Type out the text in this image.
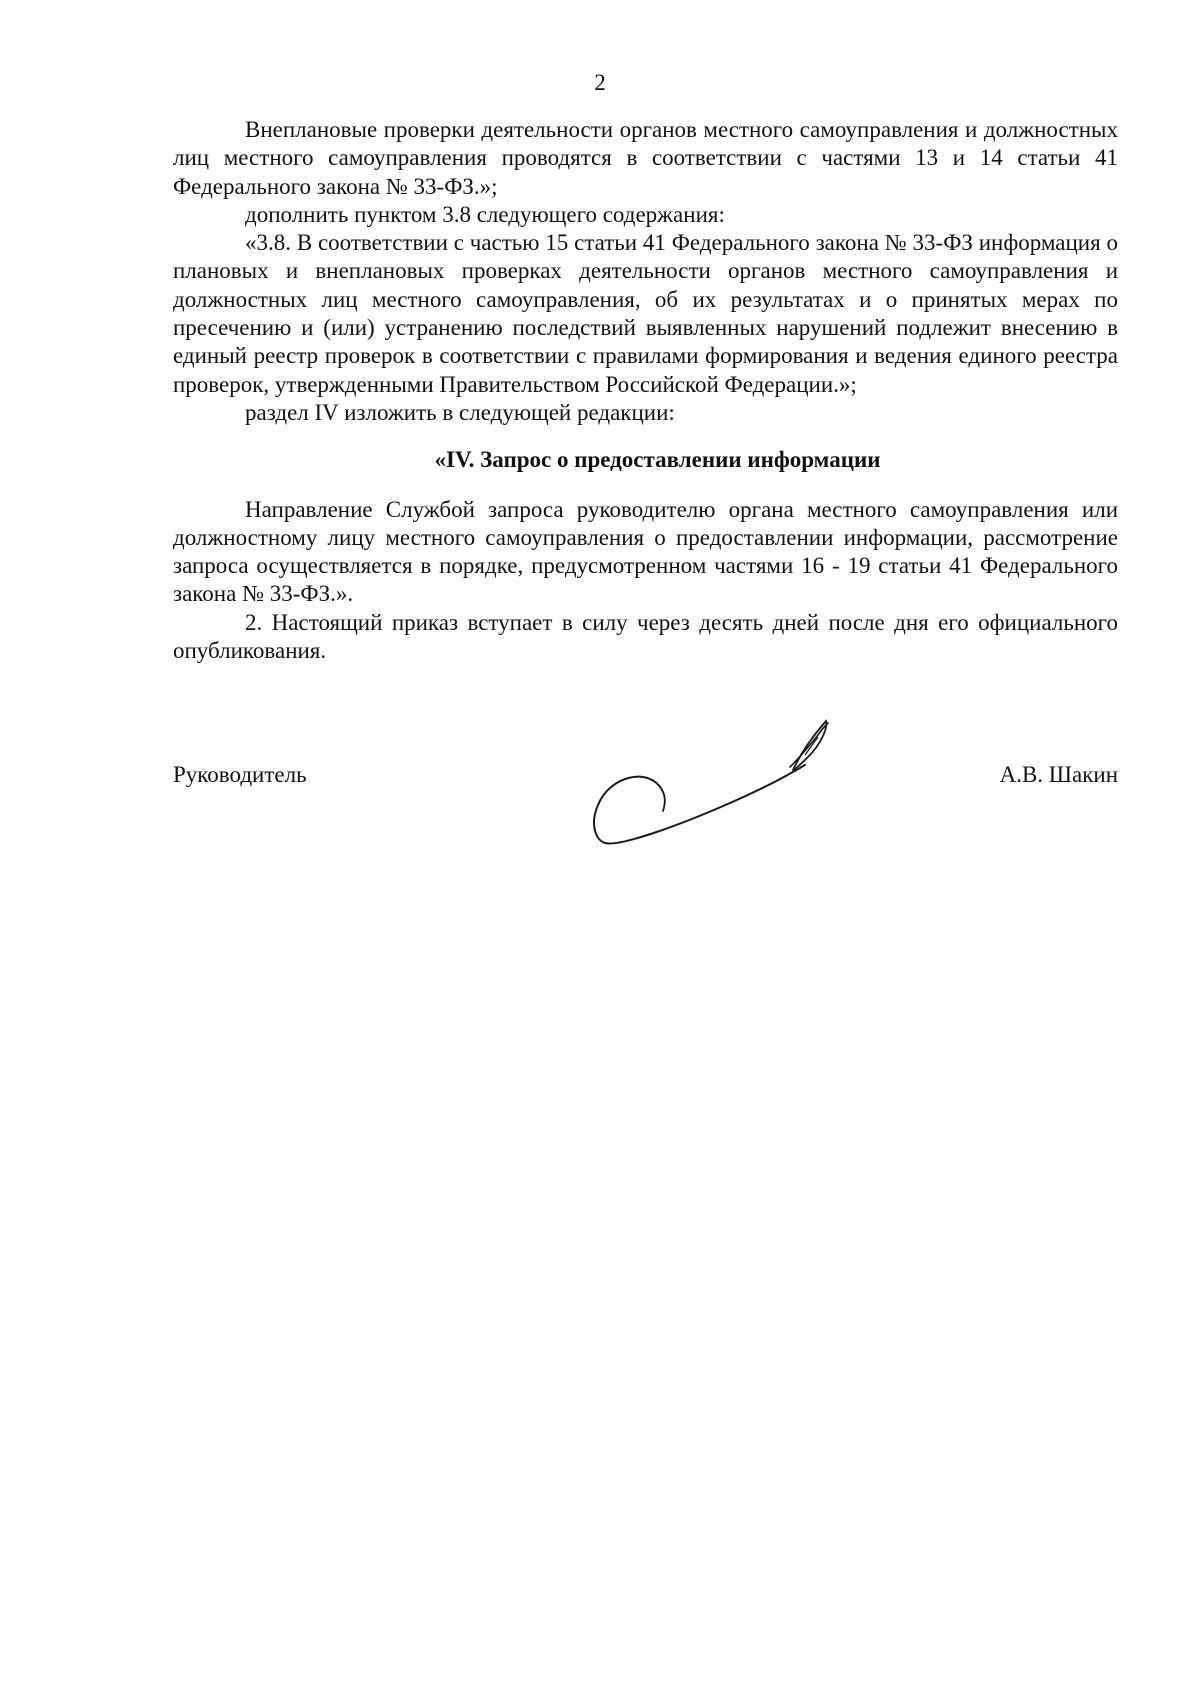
2

Внеплановые проверки деятельности органов местного самоуправления и должностных лиц местного самоуправления проводятся в соответствии с частями 13 и 14 статьи 41 Федерального закона № 33-ФЗ.»;

дополнить пунктом 3.8 следующего содержания:

«3.8. В соответствии с частью 15 статьи 41 Федерального закона № 33-ФЗ информация о плановых и внеплановых проверках деятельности органов местного самоуправления и должностных лиц местного самоуправления, об их результатах и о принятых мерах по пресечению и (или) устранению последствий выявленных нарушений подлежит внесению в единый реестр проверок в соответствии с правилами формирования и ведения единого реестра проверок, утвержденными Правительством Российской Федерации.»;

раздел IV изложить в следующей редакции:

«IV. Запрос о предоставлении информации

Направление Службой запроса руководителю органа местного самоуправления или должностному лицу местного самоуправления о предоставлении информации, рассмотрение запроса осуществляется в порядке, предусмотренном частями 16 - 19 статьи 41 Федерального закона № 33-ФЗ.».

2. Настоящий приказ вступает в силу через десять дней после дня его официального опубликования.

Руководитель	А.В. Шакин
